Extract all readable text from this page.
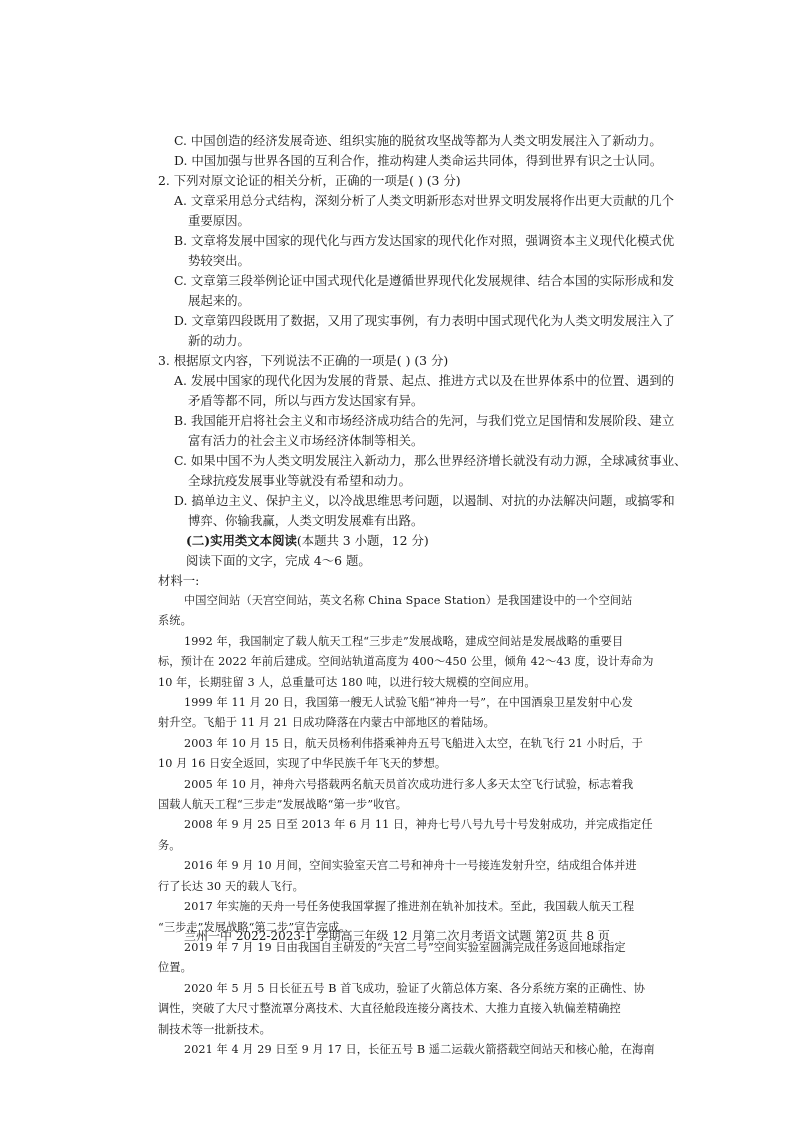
C. 中国创造的经济发展奇迹、组织实施的脱贫攻坚战等都为人类文明发展注入了新动力。
D. 中国加强与世界各国的互利合作，推动构建人类命运共同体，得到世界有识之士认同。
2. 下列对原文论证的相关分析，正确的一项是( ) (3 分)
A. 文章采用总分式结构，深刻分析了人类文明新形态对世界文明发展将作出更大贡献的几个
重要原因。
B. 文章将发展中国家的现代化与西方发达国家的现代化作对照，强调资本主义现代化模式优
势较突出。
C. 文章第三段举例论证中国式现代化是遵循世界现代化发展规律、结合本国的实际形成和发
展起来的。
D. 文章第四段既用了数据，又用了现实事例，有力表明中国式现代化为人类文明发展注入了
新的动力。
3. 根据原文内容，下列说法不正确的一项是( ) (3 分)
A. 发展中国家的现代化因为发展的背景、起点、推进方式以及在世界体系中的位置、遇到的
矛盾等都不同，所以与西方发达国家有异。
B. 我国能开启将社会主义和市场经济成功结合的先河，与我们党立足国情和发展阶段、建立
富有活力的社会主义市场经济体制等相关。
C. 如果中国不为人类文明发展注入新动力，那么世界经济增长就没有动力源，全球减贫事业、
全球抗疫发展事业等就没有希望和动力。
D. 搞单边主义、保护主义，以冷战思维思考问题，以遏制、对抗的办法解决问题，或搞零和
博弈、你输我赢，人类文明发展难有出路。
(二)实用类文本阅读(本题共 3 小题，12 分)
阅读下面的文字，完成 4～6 题。
材料一:
中国空间站（天宫空间站，英文名称 China Space Station）是我国建设中的一个空间站
系统。
1992 年，我国制定了载人航天工程“三步走”发展战略，建成空间站是发展战略的重要目
标，预计在 2022 年前后建成。空间站轨道高度为 400～450 公里，倾角 42～43 度，设计寿命为
10 年，长期驻留 3 人，总重量可达 180 吨，以进行较大规模的空间应用。
1999 年 11 月 20 日，我国第一艘无人试验飞船“神舟一号”，在中国酒泉卫星发射中心发
射升空。飞船于 11 月 21 日成功降落在内蒙古中部地区的着陆场。
2003 年 10 月 15 日，航天员杨利伟搭乘神舟五号飞船进入太空，在轨飞行 21 小时后，于
10 月 16 日安全返回，实现了中华民族千年飞天的梦想。
2005 年 10 月，神舟六号搭载两名航天员首次成功进行多人多天太空飞行试验，标志着我
国载人航天工程“三步走”发展战略“第一步”收官。
2008 年 9 月 25 日至 2013 年 6 月 11 日，神舟七号八号九号十号发射成功，并完成指定任
务。
2016 年 9 月 10 月间，空间实验室天宫二号和神舟十一号接连发射升空，结成组合体并进
行了长达 30 天的载人飞行。
2017 年实施的天舟一号任务使我国掌握了推进剂在轨补加技术。至此，我国载人航天工程
“三步走”发展战略“第二步”宣告完成。
2019 年 7 月 19 日由我国自主研发的“天宫二号”空间实验室圆满完成任务返回地球指定
位置。
2020 年 5 月 5 日长征五号 B 首飞成功，验证了火箭总体方案、各分系统方案的正确性、协
调性，突破了大尺寸整流罩分离技术、大直径舱段连接分离技术、大推力直接入轨偏差精确控
制技术等一批新技术。
2021 年 4 月 29 日至 9 月 17 日，长征五号 B 遥二运载火箭搭载空间站天和核心舱，在海南
兰州一中 2022-2023-1 学期高三年级 12 月第二次月考语文试题 第2页 共 8 页
